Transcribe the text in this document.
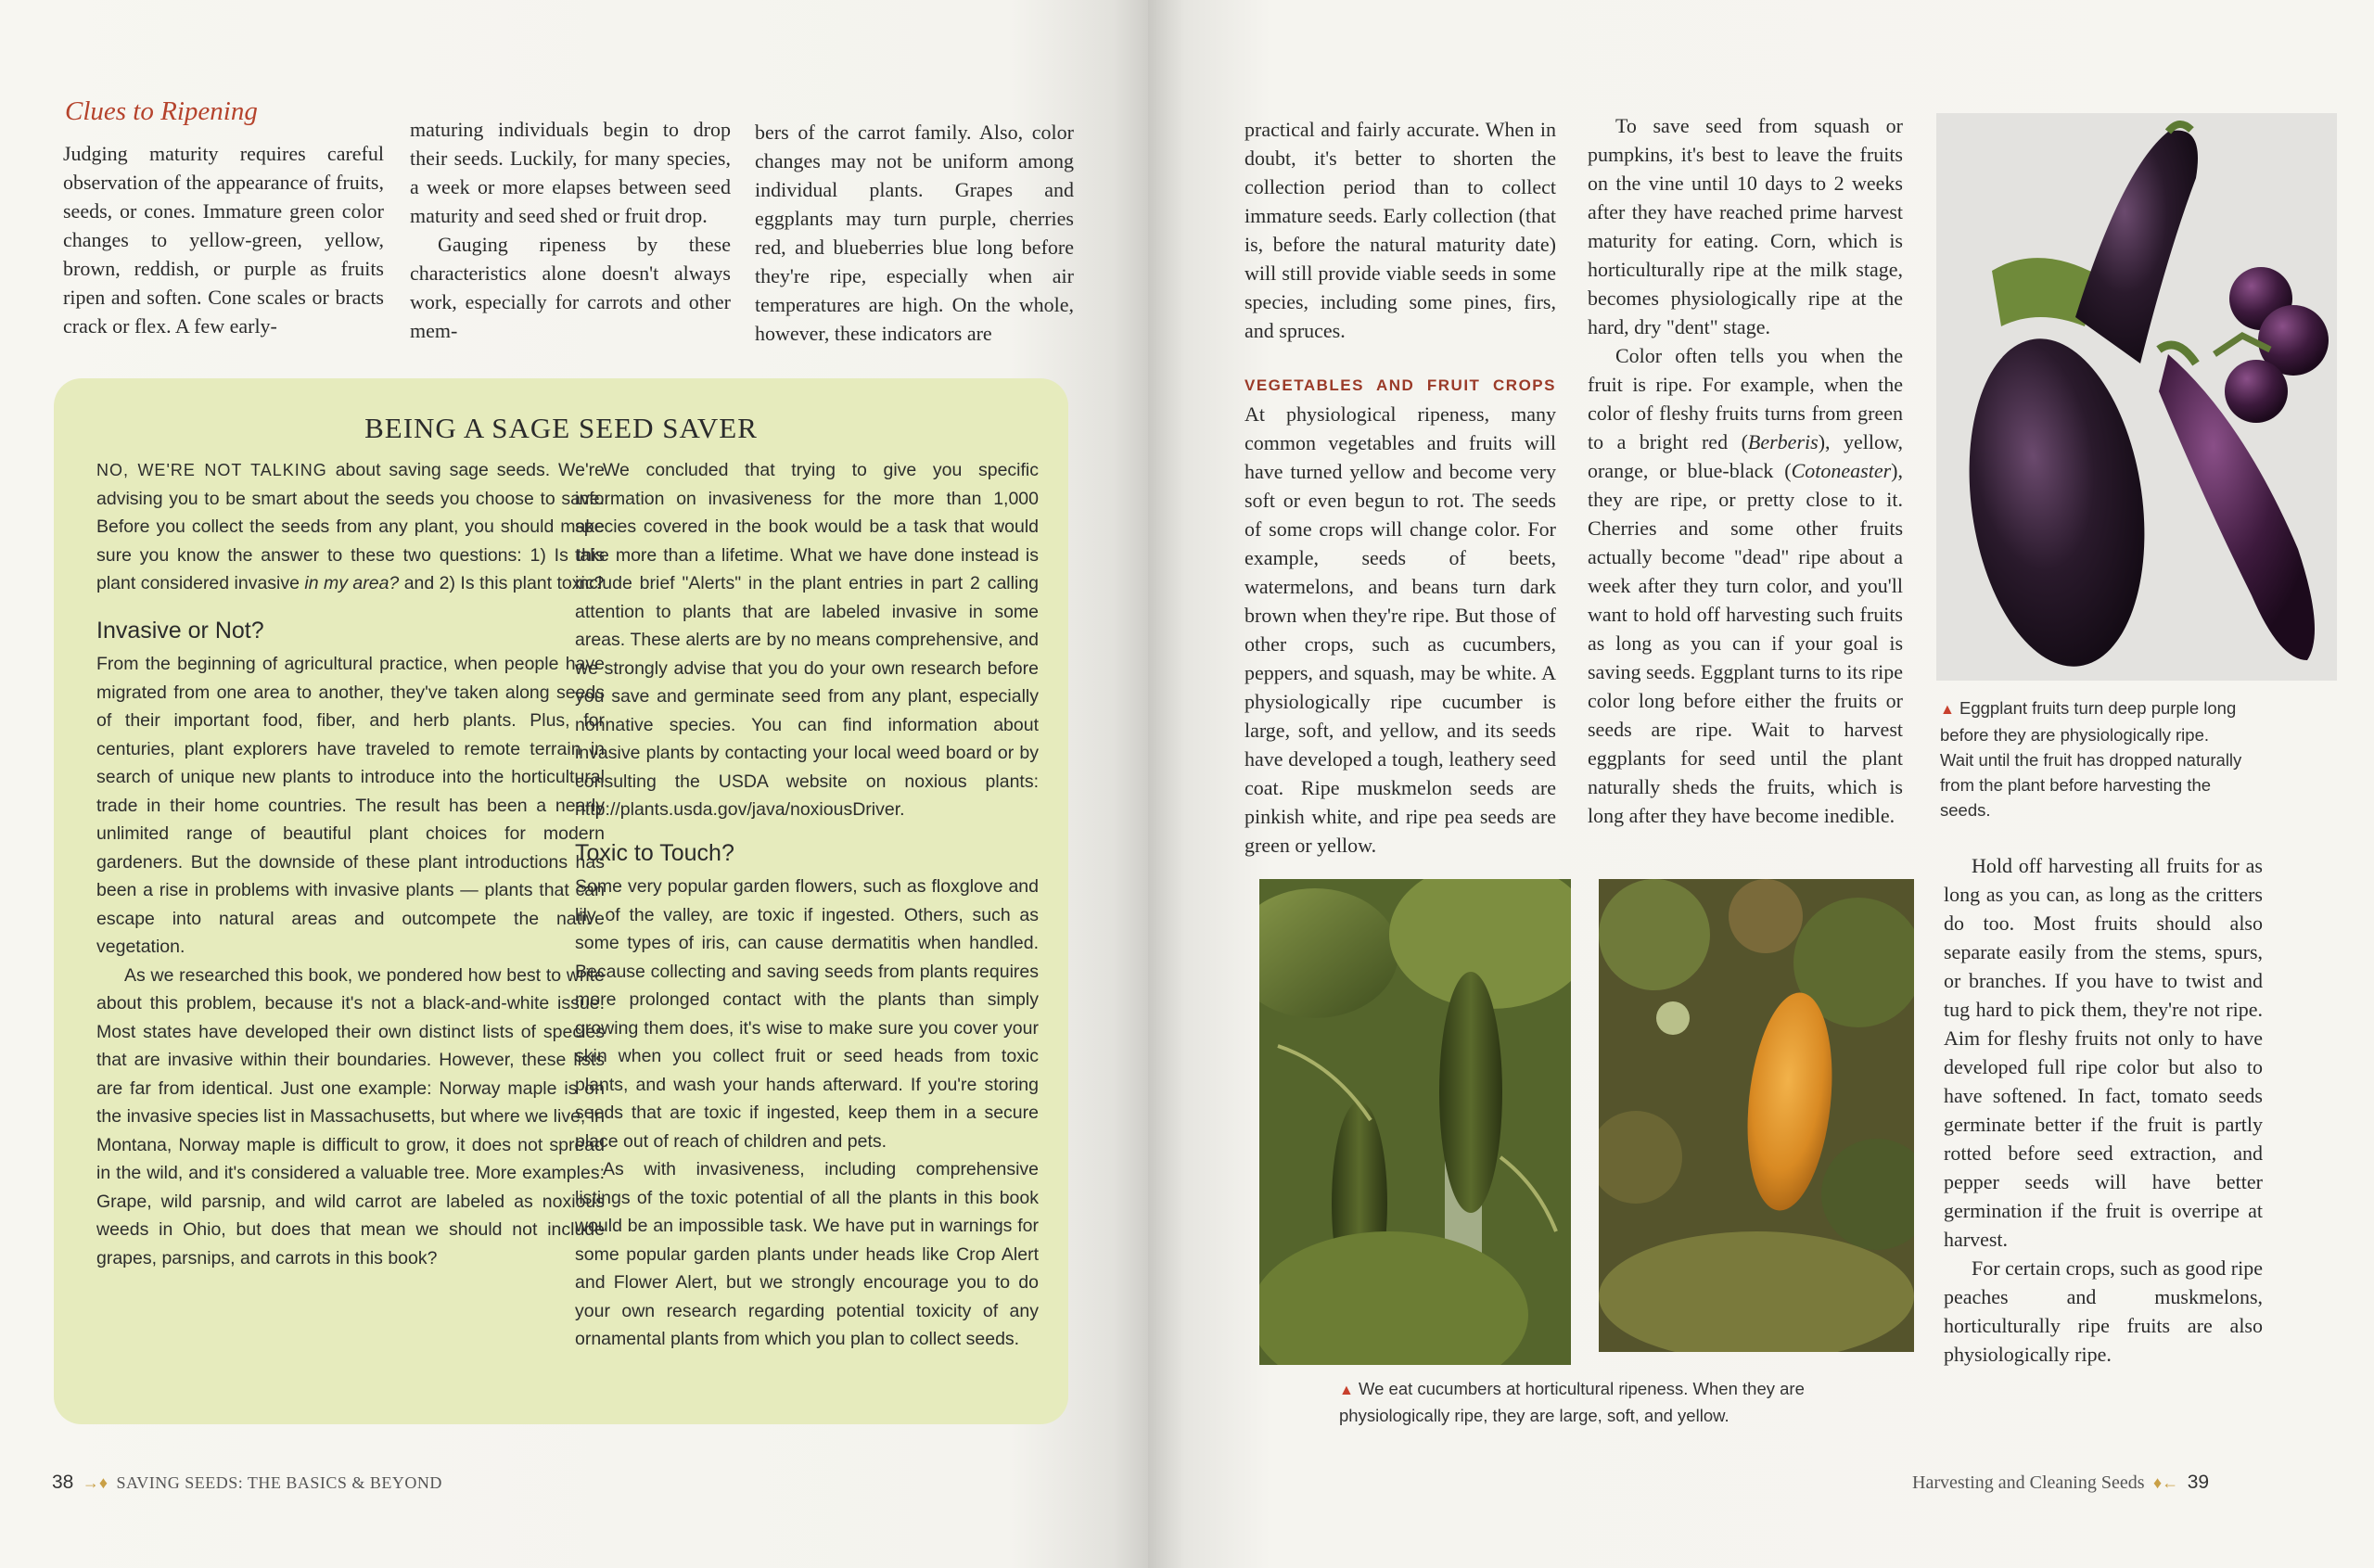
Clues to Ripening

Judging maturity requires careful observation of the appearance of fruits, seeds, or cones. Immature green color changes to yellow-green, yellow, brown, reddish, or purple as fruits ripen and soften. Cone scales or bracts crack or flex. A few early-

maturing individuals begin to drop their seeds. Luckily, for many species, a week or more elapses between seed maturity and seed shed or fruit drop.

Gauging ripeness by these characteristics alone doesn't always work, especially for carrots and other mem-

bers of the carrot family. Also, color changes may not be uniform among individual plants. Grapes and eggplants may turn purple, cherries red, and blueberries blue long before they're ripe, especially when air temperatures are high. On the whole, however, these indicators are

BEING A SAGE SEED SAVER

NO, WE'RE NOT TALKING about saving sage seeds. We're advising you to be smart about the seeds you choose to save. Before you collect the seeds from any plant, you should make sure you know the answer to these two questions: 1) Is this plant considered invasive in my area? and 2) Is this plant toxic?

Invasive or Not?

From the beginning of agricultural practice, when people have migrated from one area to another, they've taken along seeds of their important food, fiber, and herb plants. Plus, for centuries, plant explorers have traveled to remote terrain in search of unique new plants to introduce into the horticultural trade in their home countries. The result has been a nearly unlimited range of beautiful plant choices for modern gardeners. But the downside of these plant introductions has been a rise in problems with invasive plants — plants that can escape into natural areas and outcompete the native vegetation.

As we researched this book, we pondered how best to write about this problem, because it's not a black-and-white issue. Most states have developed their own distinct lists of species that are invasive within their boundaries. However, these lists are far from identical. Just one example: Norway maple is on the invasive species list in Massachusetts, but where we live, in Montana, Norway maple is difficult to grow, it does not spread in the wild, and it's considered a valuable tree. More examples: Grape, wild parsnip, and wild carrot are labeled as noxious weeds in Ohio, but does that mean we should not include grapes, parsnips, and carrots in this book?

We concluded that trying to give you specific information on invasiveness for the more than 1,000 species covered in the book would be a task that would take more than a lifetime. What we have done instead is include brief "Alerts" in the plant entries in part 2 calling attention to plants that are labeled invasive in some areas. These alerts are by no means comprehensive, and we strongly advise that you do your own research before you save and germinate seed from any plant, especially nonnative species. You can find information about invasive plants by contacting your local weed board or by consulting the USDA website on noxious plants: http://plants.usda.gov/java/noxiousDriver.

Toxic to Touch?

Some very popular garden flowers, such as floxglove and lily of the valley, are toxic if ingested. Others, such as some types of iris, can cause dermatitis when handled. Because collecting and saving seeds from plants requires more prolonged contact with the plants than simply growing them does, it's wise to make sure you cover your skin when you collect fruit or seed heads from toxic plants, and wash your hands afterward. If you're storing seeds that are toxic if ingested, keep them in a secure place out of reach of children and pets.

As with invasiveness, including comprehensive listings of the toxic potential of all the plants in this book would be an impossible task. We have put in warnings for some popular garden plants under heads like Crop Alert and Flower Alert, but we strongly encourage you to do your own research regarding potential toxicity of any ornamental plants from which you plan to collect seeds.

38  →♦  SAVING SEEDS: THE BASICS & BEYOND

practical and fairly accurate. When in doubt, it's better to shorten the collection period than to collect immature seeds. Early collection (that is, before the natural maturity date) will still provide viable seeds in some species, including some pines, firs, and spruces.

VEGETABLES AND FRUIT CROPS At physiological ripeness, many common vegetables and fruits will have turned yellow and become very soft or even begun to rot. The seeds of some crops will change color. For example, seeds of beets, watermelons, and beans turn dark brown when they're ripe. But those of other crops, such as cucumbers, peppers, and squash, may be white. A physiologically ripe cucumber is large, soft, and yellow, and its seeds have developed a tough, leathery seed coat. Ripe muskmelon seeds are pinkish white, and ripe pea seeds are green or yellow.

To save seed from squash or pumpkins, it's best to leave the fruits on the vine until 10 days to 2 weeks after they have reached prime harvest maturity for eating. Corn, which is horticulturally ripe at the milk stage, becomes physiologically ripe at the hard, dry "dent" stage.

Color often tells you when the fruit is ripe. For example, when the color of fleshy fruits turns from green to a bright red (Berberis), yellow, orange, or blue-black (Cotoneaster), they are ripe, or pretty close to it. Cherries and some other fruits actually become "dead" ripe about a week after they turn color, and you'll want to hold off harvesting such fruits as long as you can if your goal is saving seeds. Eggplant turns to its ripe color long before either the fruits or seeds are ripe. Wait to harvest eggplants for seed until the plant naturally sheds the fruits, which is long after they have become inedible.

▲ Eggplant fruits turn deep purple long before they are physiologically ripe. Wait until the fruit has dropped naturally from the plant before harvesting the seeds.
▲ We eat cucumbers at horticultural ripeness. When they are physiologically ripe, they are large, soft, and yellow.

Hold off harvesting all fruits for as long as you can, as long as the critters do too. Most fruits should also separate easily from the stems, spurs, or branches. If you have to twist and tug hard to pick them, they're not ripe. Aim for fleshy fruits not only to have developed full ripe color but also to have softened. In fact, tomato seeds germinate better if the fruit is partly rotted before seed extraction, and pepper seeds will have better germination if the fruit is overripe at harvest.

For certain crops, such as good ripe peaches and muskmelons, horticulturally ripe fruits are also physiologically ripe.

Harvesting and Cleaning Seeds  ♦←  39
